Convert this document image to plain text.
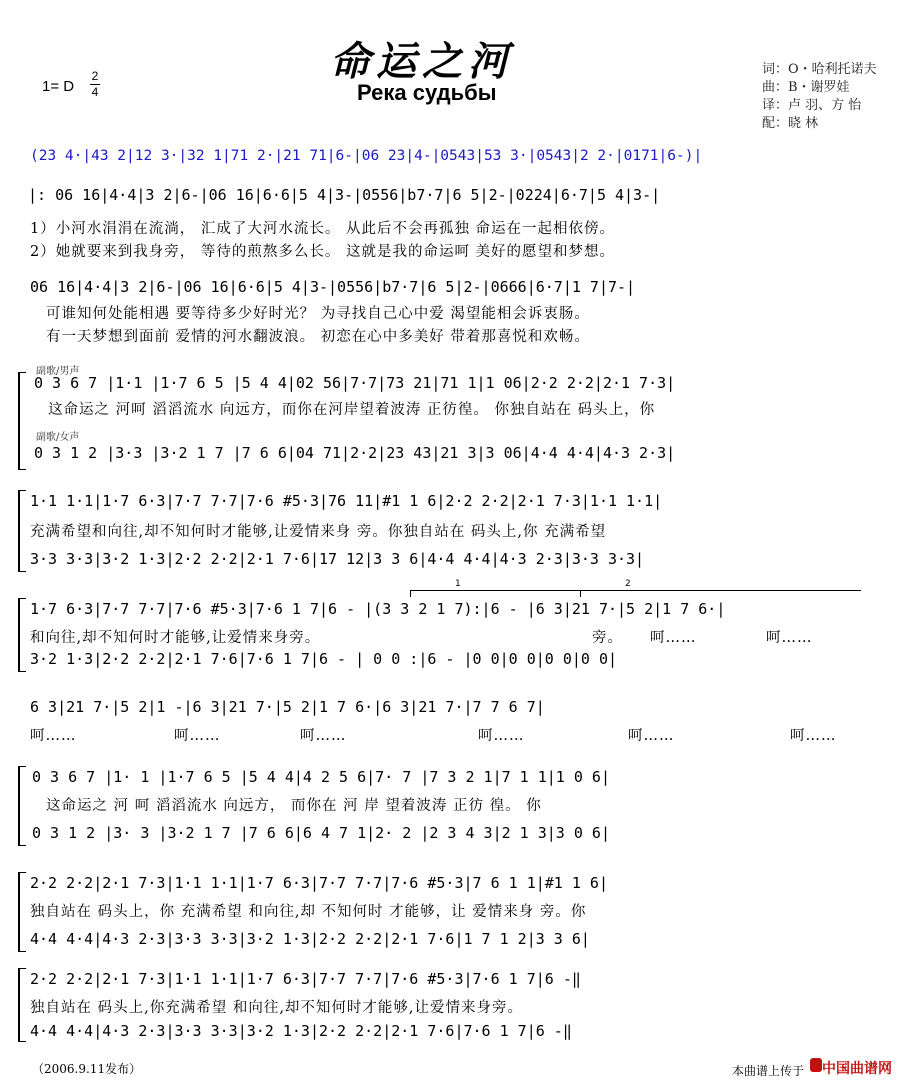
命运之河
Река судьбы
1= D
2
4
词：О・哈利托诺夫
曲：В・谢罗娃
译：卢 羽、方 怡
配：晓 林
(23 4·|43 2|12 3·|32 1|71 2·|21 71|6-|06 23|4-|0543|53 3·|0543|2 2·|0171|6-)|
|: 06 16|4·4|3 2|6-|06 16|6·6|5 4|3-|0556|b7·7|6 5|2-|0224|6·7|5 4|3-|
1）小河水涓涓在流淌， 汇成了大河水流长。 从此后不会再孤独 命运在一起相依傍。
2）她就要来到我身旁， 等待的煎熬多么长。 这就是我的命运呵 美好的愿望和梦想。
06 16|4·4|3 2|6-|06 16|6·6|5 4|3-|0556|b7·7|6 5|2-|0666|6·7|1 7|7-|
可谁知何处能相遇 要等待多少好时光？ 为寻找自己心中爱 渴望能相会诉衷肠。
有一天梦想到面前 爱情的河水翻波浪。 初恋在心中多美好 带着那喜悦和欢畅。
副歌/男声
0 3 6 7 |1·1 |1·7 6 5 |5 4 4|02 56|7·7|73 21|71 1|1 06|2·2 2·2|2·1 7·3|
这命运之 河呵 滔滔流水 向远方，而你在河岸望着波涛 正彷徨。 你独自站在 码头上，你
副歌/女声
0 3 1 2 |3·3 |3·2 1 7 |7 6 6|04 71|2·2|23 43|21 3|3 06|4·4 4·4|4·3 2·3|
1·1 1·1|1·7 6·3|7·7 7·7|7·6 #5·3|76 11|#1 1 6|2·2 2·2|2·1 7·3|1·1 1·1|
充满希望和向往,却不知何时才能够,让爱情来身 旁。你独自站在 码头上,你 充满希望
3·3 3·3|3·2 1·3|2·2 2·2|2·1 7·6|17 12|3 3 6|4·4 4·4|4·3 2·3|3·3 3·3|
1	2
1·7 6·3|7·7 7·7|7·6 #5·3|7·6 1 7|6 - |(3 3 2 1 7):|6 - |6 3|21 7·|5 2|1 7 6·|
和向往,却不知何时才能够,让爱情来身旁。	旁。 呵……	呵……
3·2 1·3|2·2 2·2|2·1 7·6|7·6 1 7|6 - | 0 0 :|6 - |0 0|0 0|0 0|0 0|
6 3|21 7·|5 2|1 -|6 3|21 7·|5 2|1 7 6·|6 3|21 7·|7 7 6 7|
呵……	呵……	呵……	呵……	呵……	呵……
0 3 6 7 |1· 1 |1·7 6 5 |5 4 4|4 2 5 6|7· 7 |7 3 2 1|7 1 1|1 0 6|
这命运之 河 呵 滔滔流水 向远方， 而你在 河 岸 望着波涛 正彷 徨。 你
0 3 1 2 |3· 3 |3·2 1 7 |7 6 6|6 4 7 1|2· 2 |2 3 4 3|2 1 3|3 0 6|
2·2 2·2|2·1 7·3|1·1 1·1|1·7 6·3|7·7 7·7|7·6 #5·3|7 6 1 1|#1 1 6|
独自站在 码头上，你 充满希望 和向往,却 不知何时 才能够，让 爱情来身 旁。你
4·4 4·4|4·3 2·3|3·3 3·3|3·2 1·3|2·2 2·2|2·1 7·6|1 7 1 2|3 3 6|
2·2 2·2|2·1 7·3|1·1 1·1|1·7 6·3|7·7 7·7|7·6 #5·3|7·6 1 7|6 -‖
独自站在 码头上,你充满希望 和向往,却不知何时才能够,让爱情来身旁。
4·4 4·4|4·3 2·3|3·3 3·3|3·2 1·3|2·2 2·2|2·1 7·6|7·6 1 7|6 -‖
（2006.9.11发布）	本曲谱上传于 中国曲谱网
